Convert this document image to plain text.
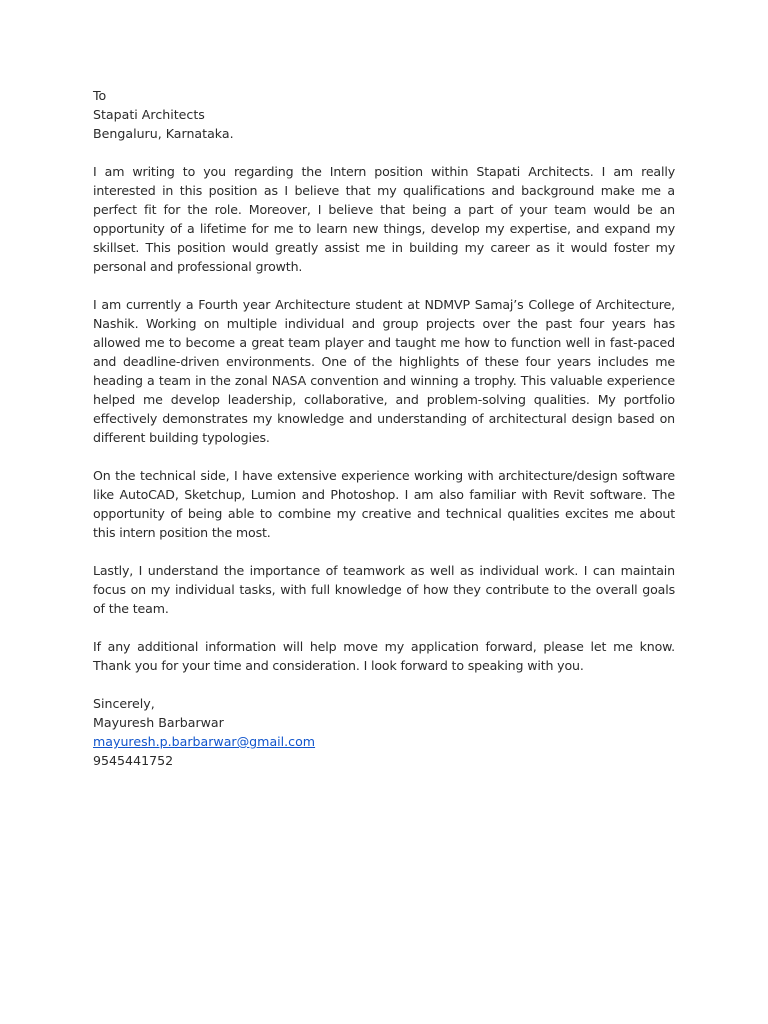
To
Stapati Architects
Bengaluru, Karnataka.

I am writing to you regarding the Intern position within Stapati Architects. I am really interested in this position as I believe that my qualifications and background make me a perfect fit for the role. Moreover, I believe that being a part of your team would be an opportunity of a lifetime for me to learn new things, develop my expertise, and expand my skillset. This position would greatly assist me in building my career as it would foster my personal and professional growth.

I am currently a Fourth year Architecture student at NDMVP Samaj’s College of Architecture, Nashik. Working on multiple individual and group projects over the past four years has allowed me to become a great team player and taught me how to function well in fast-paced and deadline-driven environments. One of the highlights of these four years includes me heading a team in the zonal NASA convention and winning a trophy. This valuable experience helped me develop leadership, collaborative, and problem-solving qualities. My portfolio effectively demonstrates my knowledge and understanding of architectural design based on different building typologies.

On the technical side, I have extensive experience working with architecture/design software like AutoCAD, Sketchup, Lumion and Photoshop. I am also familiar with Revit software. The opportunity of being able to combine my creative and technical qualities excites me about this intern position the most.

Lastly, I understand the importance of teamwork as well as individual work. I can maintain focus on my individual tasks, with full knowledge of how they contribute to the overall goals of the team.

If any additional information will help move my application forward, please let me know. Thank you for your time and consideration. I look forward to speaking with you.

Sincerely,
Mayuresh Barbarwar
mayuresh.p.barbarwar@gmail.com
9545441752
